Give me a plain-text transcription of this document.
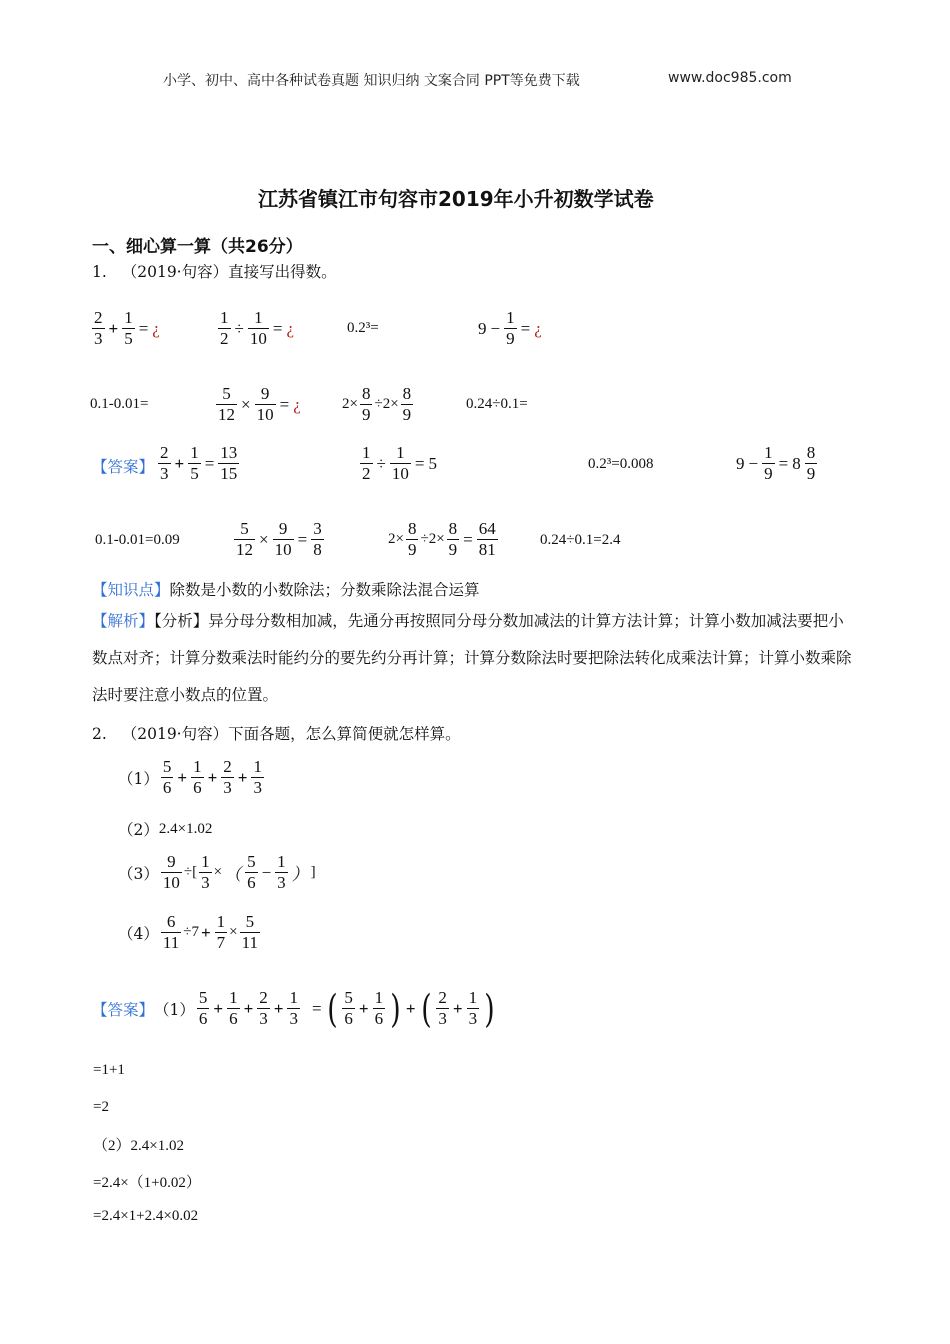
小学、初中、高中各种试卷真题 知识归纳 文案合同 PPT等免费下载	www.doc985.com
江苏省镇江市句容市2019年小升初数学试卷
一、细心算一算（共26分）
1. （2019·句容）直接写出得数。
$\frac{2}{3} + \frac{1}{5}$ = ¿	$\frac{1}{2} \div \frac{1}{10}$ = ¿	0.2³=	$9 - \frac{1}{9}$ = ¿
0.1-0.01=	$\frac{5}{12} \times \frac{9}{10}$ = ¿	$2\times \frac{8}{9} \div 2\times \frac{8}{9}$	0.24÷0.1=
【答案】 $\frac{2}{3} + \frac{1}{5} = \frac{13}{15}$	$\frac{1}{2} \div \frac{1}{10} = 5$	0.2³=0.008	$9 - \frac{1}{9} = 8 \frac{8}{9}$
0.1-0.01=0.09	$\frac{5}{12} \times \frac{9}{10} = \frac{3}{8}$	$2\times \frac{8}{9} \div 2\times \frac{8}{9} = \frac{64}{81}$	0.24÷0.1=2.4
【知识点】除数是小数的小数除法；分数乘除法混合运算
【解析】【分析】异分母分数相加减，先通分再按照同分母分数加减法的计算方法计算；计算小数加减法要把小数点对齐；计算分数乘法时能约分的要先约分再计算；计算分数除法时要把除法转化成乘法计算；计算小数乘除法时要注意小数点的位置。
2. （2019·句容）下面各题，怎么算简便就怎样算。
$(1) \frac{5}{6} + \frac{1}{6} + \frac{2}{3} + \frac{1}{3}$
（2） 2.4×1.02
$(3) \frac{9}{10}$ ÷[ $\frac{1}{3}$ × （ $\frac{5}{6} - \frac{1}{3}$ ） ]
$(4) \frac{6}{11} \div 7 + \frac{1}{7} \times \frac{5}{11}$
【答案】 $(1) \frac{5}{6} + \frac{1}{6} + \frac{2}{3} + \frac{1}{3}$ = ( $\frac{5}{6} + \frac{1}{6}$ ) + ( $\frac{2}{3} + \frac{1}{3}$ )
=1+1
=2
（2）2.4×1.02
=2.4×（1+0.02）
=2.4×1+2.4×0.02
